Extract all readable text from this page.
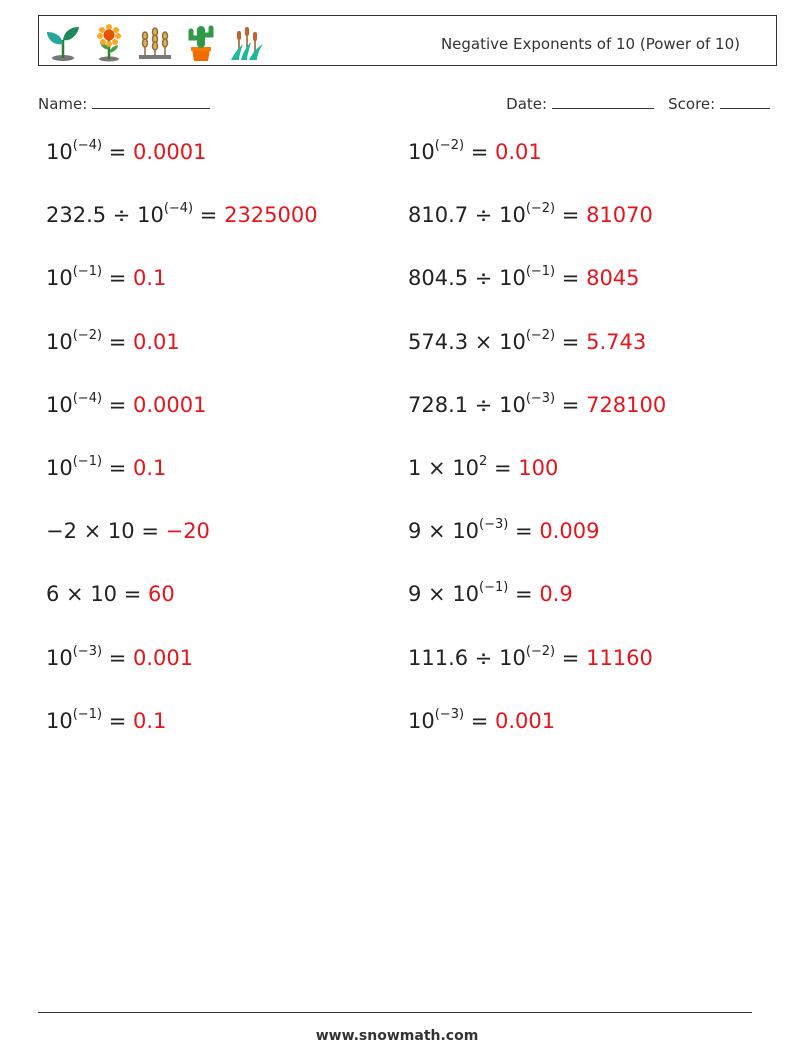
Negative Exponents of 10 (Power of 10)
Name:	Date:	Score:
$10^{(-4)} = 0.0001$	$10^{(-2)} = 0.01$
$232.5 \div 10^{(-4)} = 2325000$	$810.7 \div 10^{(-2)} = 81070$
$10^{(-1)} = 0.1$	$804.5 \div 10^{(-1)} = 8045$
$10^{(-2)} = 0.01$	$574.3 \times 10^{(-2)} = 5.743$
$10^{(-4)} = 0.0001$	$728.1 \div 10^{(-3)} = 728100$
$10^{(-1)} = 0.1$	$1 \times 10^2 = 100$
−2 × 10 = −20	$9 \times 10^{(-3)} = 0.009$
6 × 10 = 60	$9 \times 10^{(-1)} = 0.9$
$10^{(-3)} = 0.001$	$111.6 \div 10^{(-2)} = 11160$
$10^{(-1)} = 0.1$	$10^{(-3)} = 0.001$
www.snowmath.com
